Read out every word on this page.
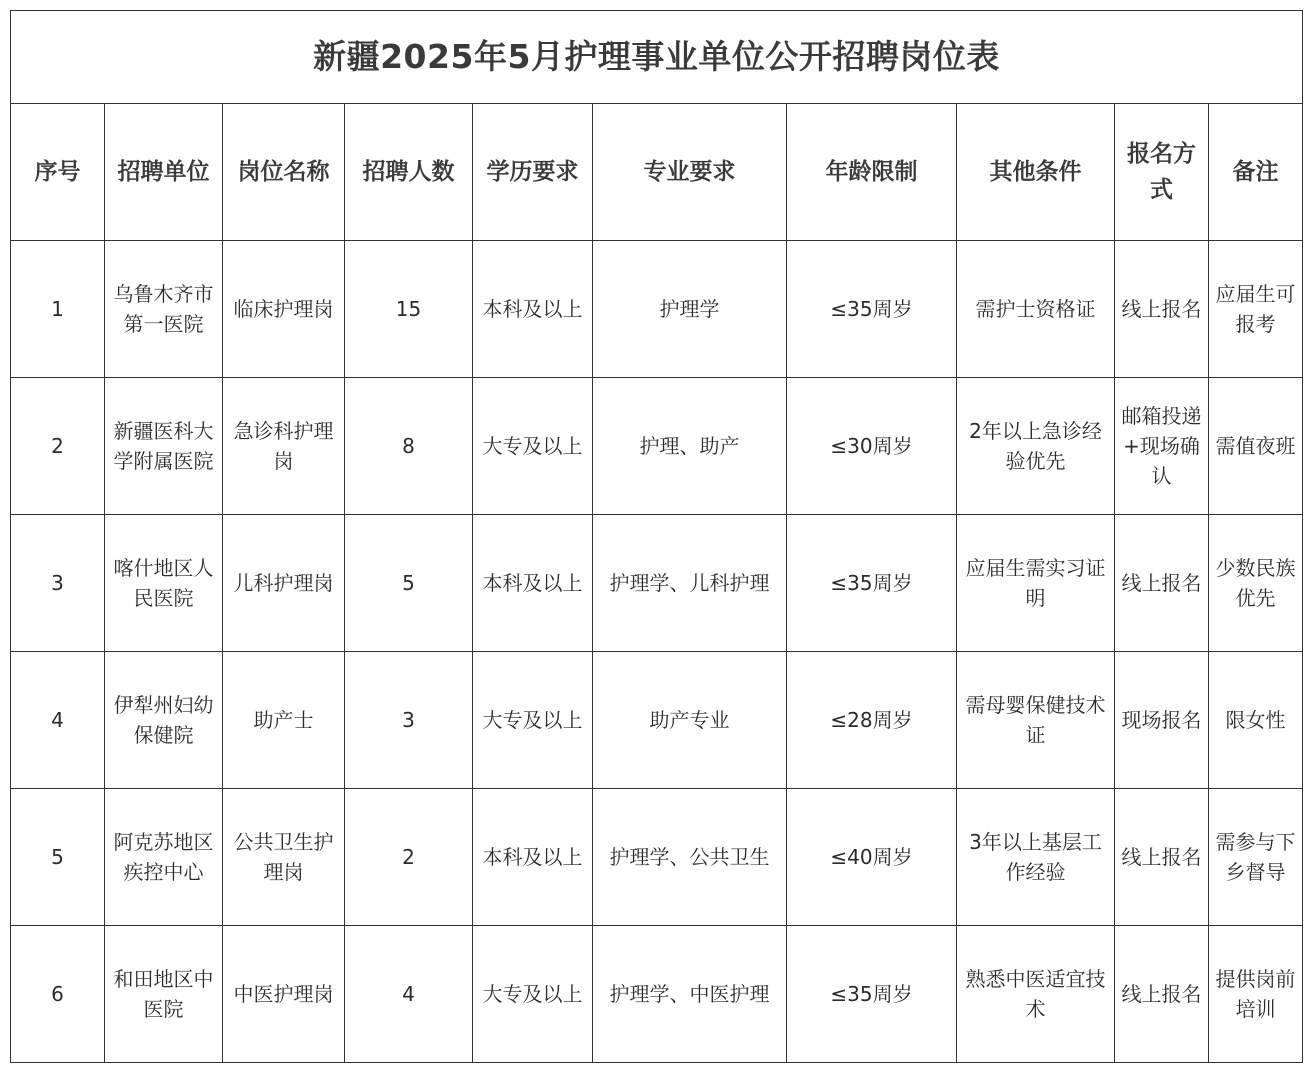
新疆2025年5月护理事业单位公开招聘岗位表									
序号	招聘单位	岗位名称	招聘人数	学历要求	专业要求	年龄限制	其他条件	报名方式	备注
1	乌鲁木齐市第一医院	临床护理岗	15	本科及以上	护理学	≤35周岁	需护士资格证	线上报名	应届生可报考
2	新疆医科大学附属医院	急诊科护理岗	8	大专及以上	护理、助产	≤30周岁	2年以上急诊经验优先	邮箱投递+现场确认	需值夜班
3	喀什地区人民医院	儿科护理岗	5	本科及以上	护理学、儿科护理	≤35周岁	应届生需实习证明	线上报名	少数民族优先
4	伊犁州妇幼保健院	助产士	3	大专及以上	助产专业	≤28周岁	需母婴保健技术证	现场报名	限女性
5	阿克苏地区疾控中心	公共卫生护理岗	2	本科及以上	护理学、公共卫生	≤40周岁	3年以上基层工作经验	线上报名	需参与下乡督导
6	和田地区中医院	中医护理岗	4	大专及以上	护理学、中医护理	≤35周岁	熟悉中医适宜技术	线上报名	提供岗前培训
